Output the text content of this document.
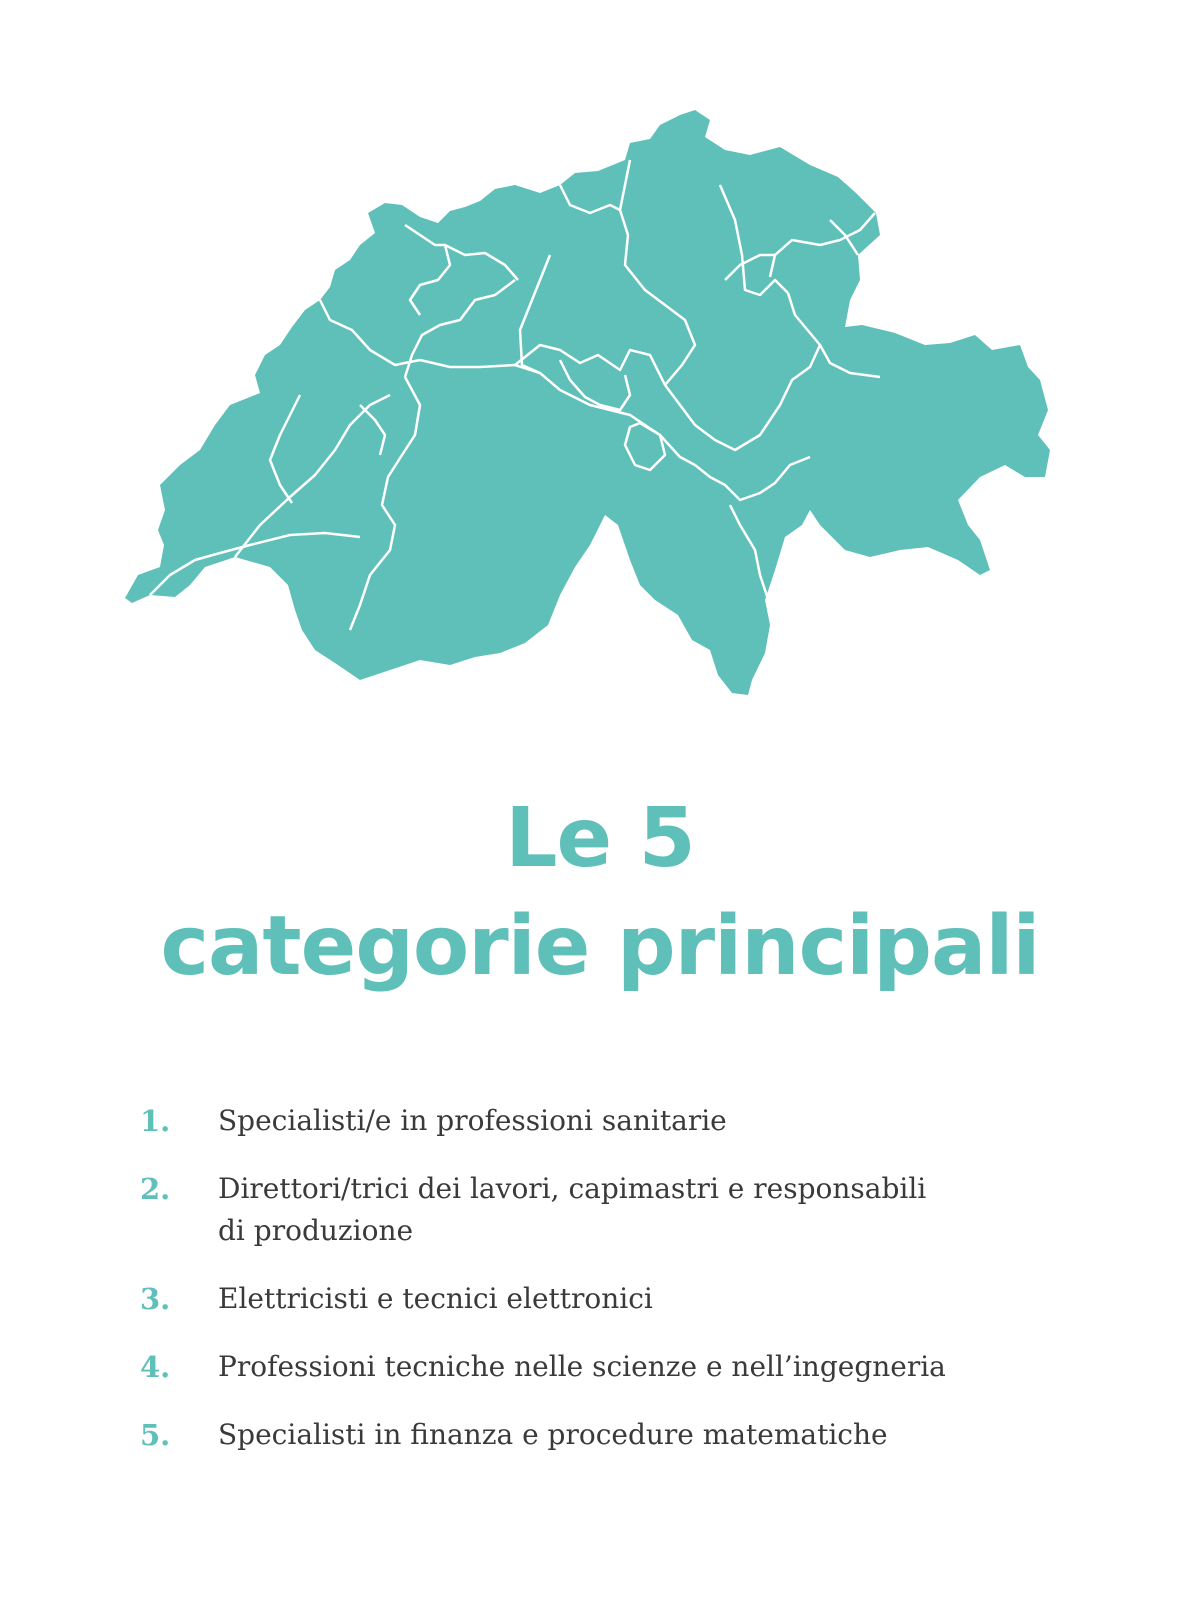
Le 5
categorie principali
1.	Specialisti/e in professioni sanitarie
2.	Direttori/trici dei lavori, capimastri e responsabili di produzione
3.	Elettricisti e tecnici elettronici
4.	Professioni tecniche nelle scienze e nell’ingegneria
5.	Specialisti in finanza e procedure matematiche
